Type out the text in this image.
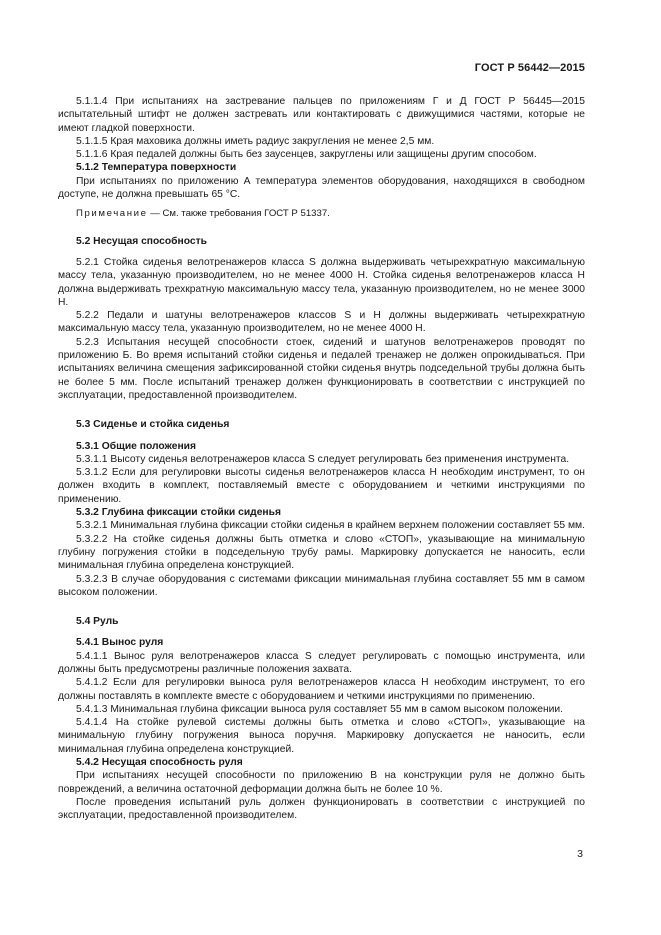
ГОСТ Р 56442—2015

5.1.1.4 При испытаниях на застревание пальцев по приложениям Г и Д ГОСТ Р 56445—2015 испытательный штифт не должен застревать или контактировать с движущимися частями, которые не имеют гладкой поверхности.

5.1.1.5 Края маховика должны иметь радиус закругления не менее 2,5 мм.

5.1.1.6 Края педалей должны быть без заусенцев, закруглены или защищены другим способом.

5.1.2 Температура поверхности

При испытаниях по приложению А температура элементов оборудования, находящихся в свободном доступе, не должна превышать 65 °С.

Примечание — См. также требования ГОСТ Р 51337.

5.2 Несущая способность

5.2.1 Стойка сиденья велотренажеров класса S должна выдерживать четырехкратную максимальную массу тела, указанную производителем, но не менее 4000 Н. Стойка сиденья велотренажеров класса Н должна выдерживать трехкратную максимальную массу тела, указанную производителем, но не менее 3000 Н.

5.2.2 Педали и шатуны велотренажеров классов S и Н должны выдерживать четырехкратную максимальную массу тела, указанную производителем, но не менее 4000 Н.

5.2.3 Испытания несущей способности стоек, сидений и шатунов велотренажеров проводят по приложению Б. Во время испытаний стойки сиденья и педалей тренажер не должен опрокидываться. При испытаниях величина смещения зафиксированной стойки сиденья внутрь подседельной трубы должна быть не более 5 мм. После испытаний тренажер должен функционировать в соответствии с инструкцией по эксплуатации, предоставленной производителем.

5.3 Сиденье и стойка сиденья

5.3.1 Общие положения

5.3.1.1 Высоту сиденья велотренажеров класса S следует регулировать без применения инструмента.

5.3.1.2 Если для регулировки высоты сиденья велотренажеров класса Н необходим инструмент, то он должен входить в комплект, поставляемый вместе с оборудованием и четкими инструкциями по применению.

5.3.2 Глубина фиксации стойки сиденья

5.3.2.1 Минимальная глубина фиксации стойки сиденья в крайнем верхнем положении составляет 55 мм.

5.3.2.2 На стойке сиденья должны быть отметка и слово «СТОП», указывающие на минимальную глубину погружения стойки в подседельную трубу рамы. Маркировку допускается не наносить, если минимальная глубина определена конструкцией.

5.3.2.3 В случае оборудования с системами фиксации минимальная глубина составляет 55 мм в самом высоком положении.

5.4 Руль

5.4.1 Вынос руля

5.4.1.1 Вынос руля велотренажеров класса S следует регулировать с помощью инструмента, или должны быть предусмотрены различные положения захвата.

5.4.1.2 Если для регулировки выноса руля велотренажеров класса Н необходим инструмент, то его должны поставлять в комплекте вместе с оборудованием и четкими инструкциями по применению.

5.4.1.3 Минимальная глубина фиксации выноса руля составляет 55 мм в самом высоком положении.

5.4.1.4 На стойке рулевой системы должны быть отметка и слово «СТОП», указывающие на минимальную глубину погружения выноса поручня. Маркировку допускается не наносить, если минимальная глубина определена конструкцией.

5.4.2 Несущая способность руля

При испытаниях несущей способности по приложению В на конструкции руля не должно быть повреждений, а величина остаточной деформации должна быть не более 10 %.

После проведения испытаний руль должен функционировать в соответствии с инструкцией по эксплуатации, предоставленной производителем.

3
